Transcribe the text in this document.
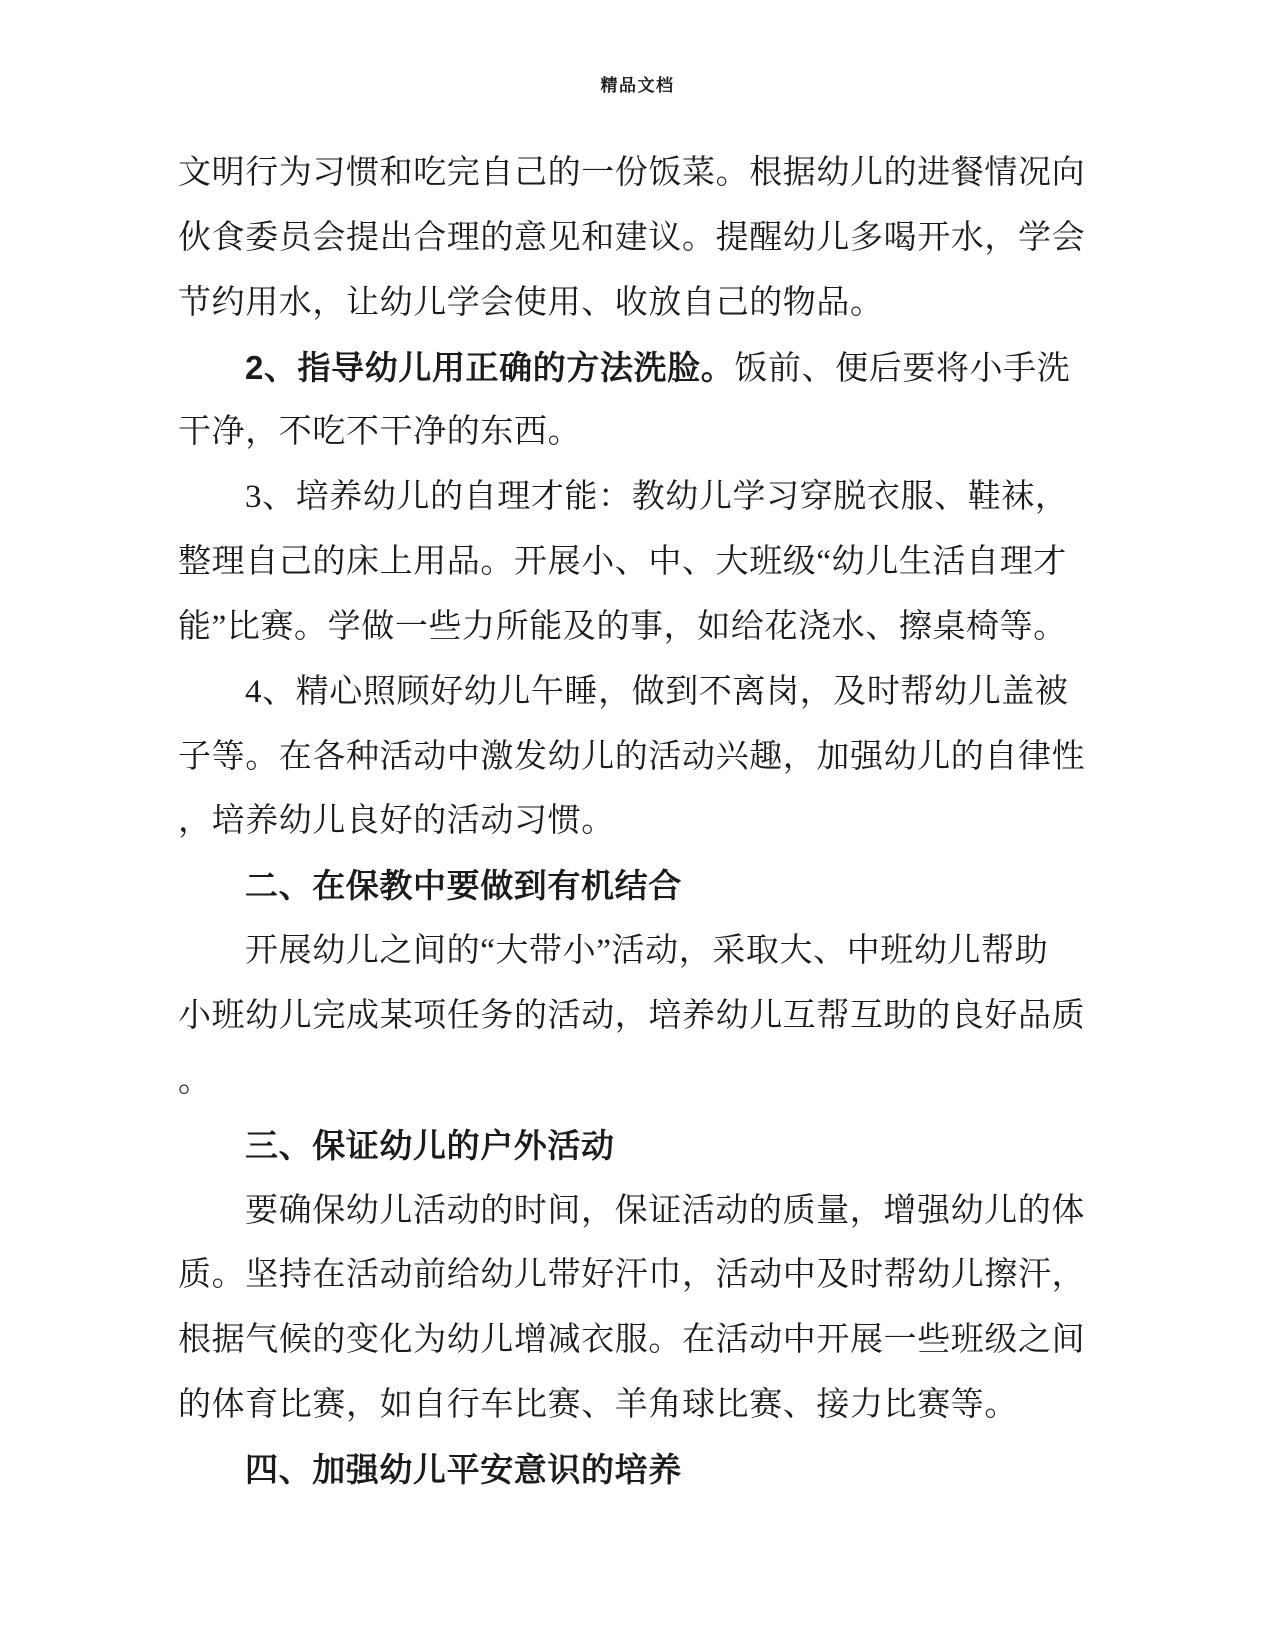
精品文档
文明行为习惯和吃完自己的一份饭菜。根据幼儿的进餐情况向
伙食委员会提出合理的意见和建议。提醒幼儿多喝开水，学会
节约用水，让幼儿学会使用、收放自己的物品。
2、指导幼儿用正确的方法洗脸。饭前、便后要将小手洗
干净，不吃不干净的东西。
3、培养幼儿的自理才能：教幼儿学习穿脱衣服、鞋袜，
整理自己的床上用品。开展小、中、大班级“幼儿生活自理才
能”比赛。学做一些力所能及的事，如给花浇水、擦桌椅等。
4、精心照顾好幼儿午睡，做到不离岗，及时帮幼儿盖被
子等。在各种活动中激发幼儿的活动兴趣，加强幼儿的自律性
，培养幼儿良好的活动习惯。
二、在保教中要做到有机结合
开展幼儿之间的“大带小”活动，采取大、中班幼儿帮助
小班幼儿完成某项任务的活动，培养幼儿互帮互助的良好品质
。
三、保证幼儿的户外活动
要确保幼儿活动的时间，保证活动的质量，增强幼儿的体
质。坚持在活动前给幼儿带好汗巾，活动中及时帮幼儿擦汗，
根据气候的变化为幼儿增减衣服。在活动中开展一些班级之间
的体育比赛，如自行车比赛、羊角球比赛、接力比赛等。
四、加强幼儿平安意识的培养
